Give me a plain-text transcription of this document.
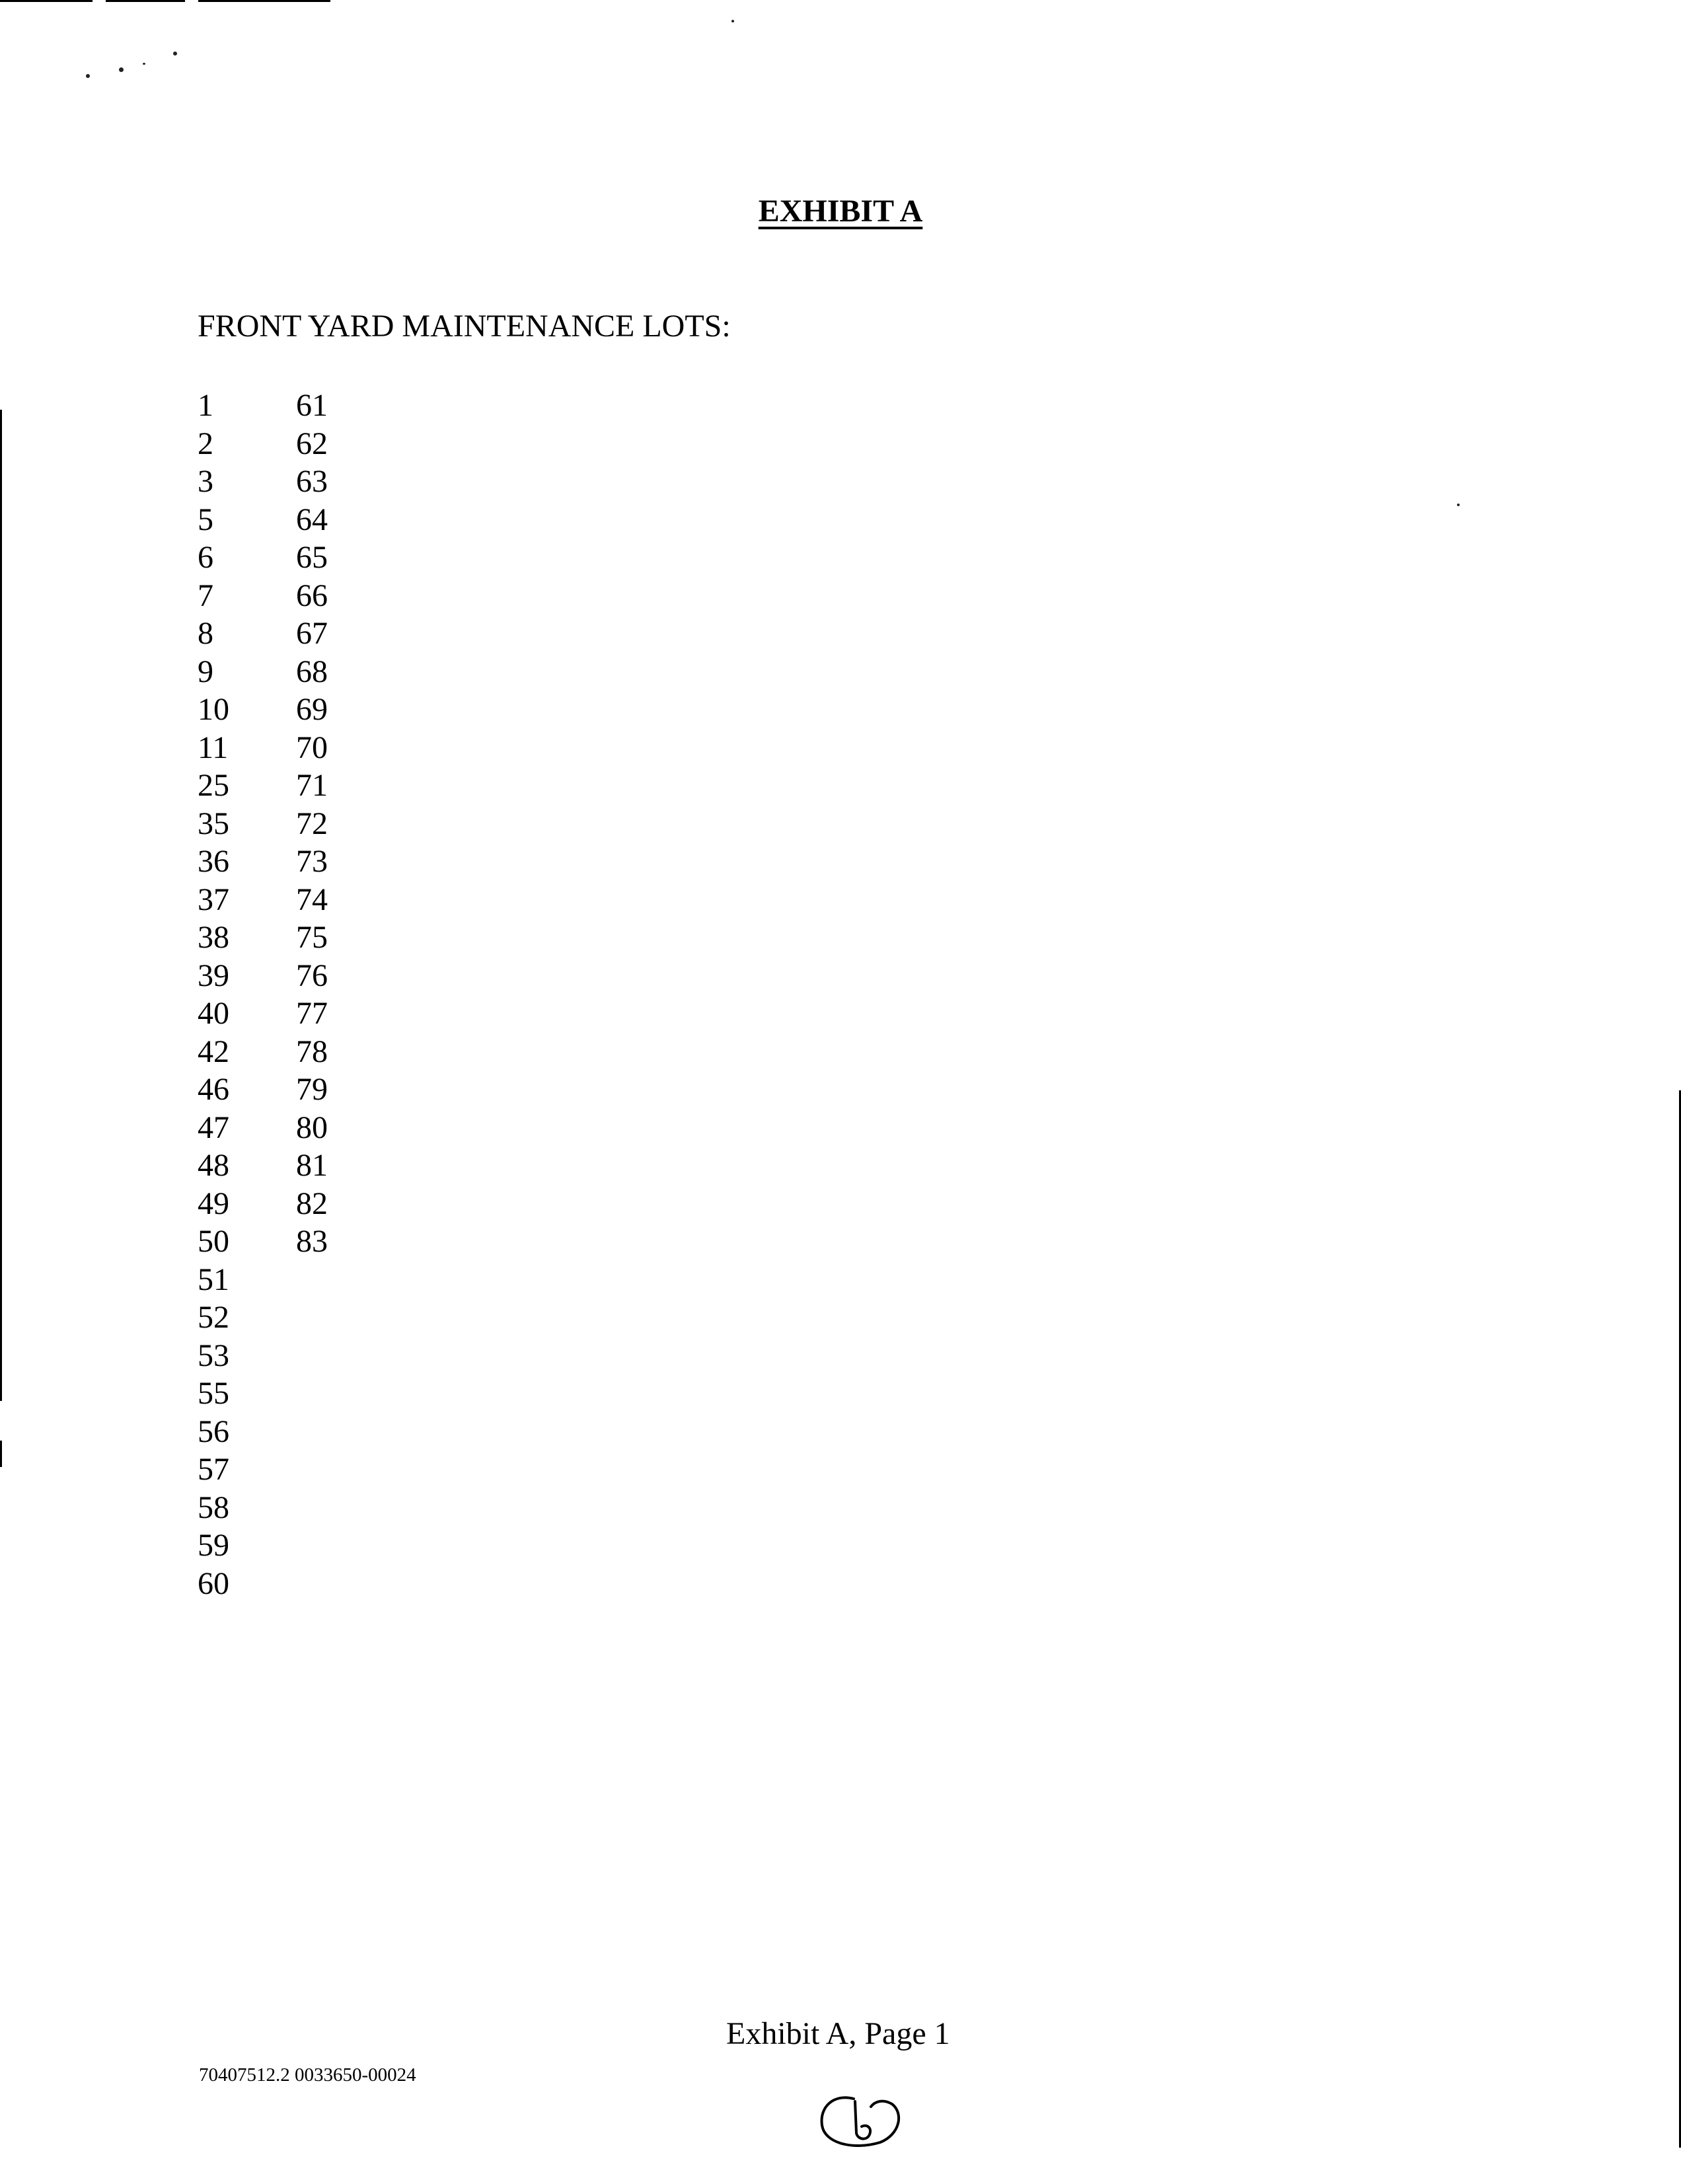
EXHIBIT A
FRONT YARD MAINTENANCE LOTS:
1
2
3
5
6
7
8
9
10
11
25
35
36
37
38
39
40
42
46
47
48
49
50
51
52
53
55
56
57
58
59
60
61
62
63
64
65
66
67
68
69
70
71
72
73
74
75
76
77
78
79
80
81
82
83
Exhibit A, Page 1
70407512.2 0033650-00024
